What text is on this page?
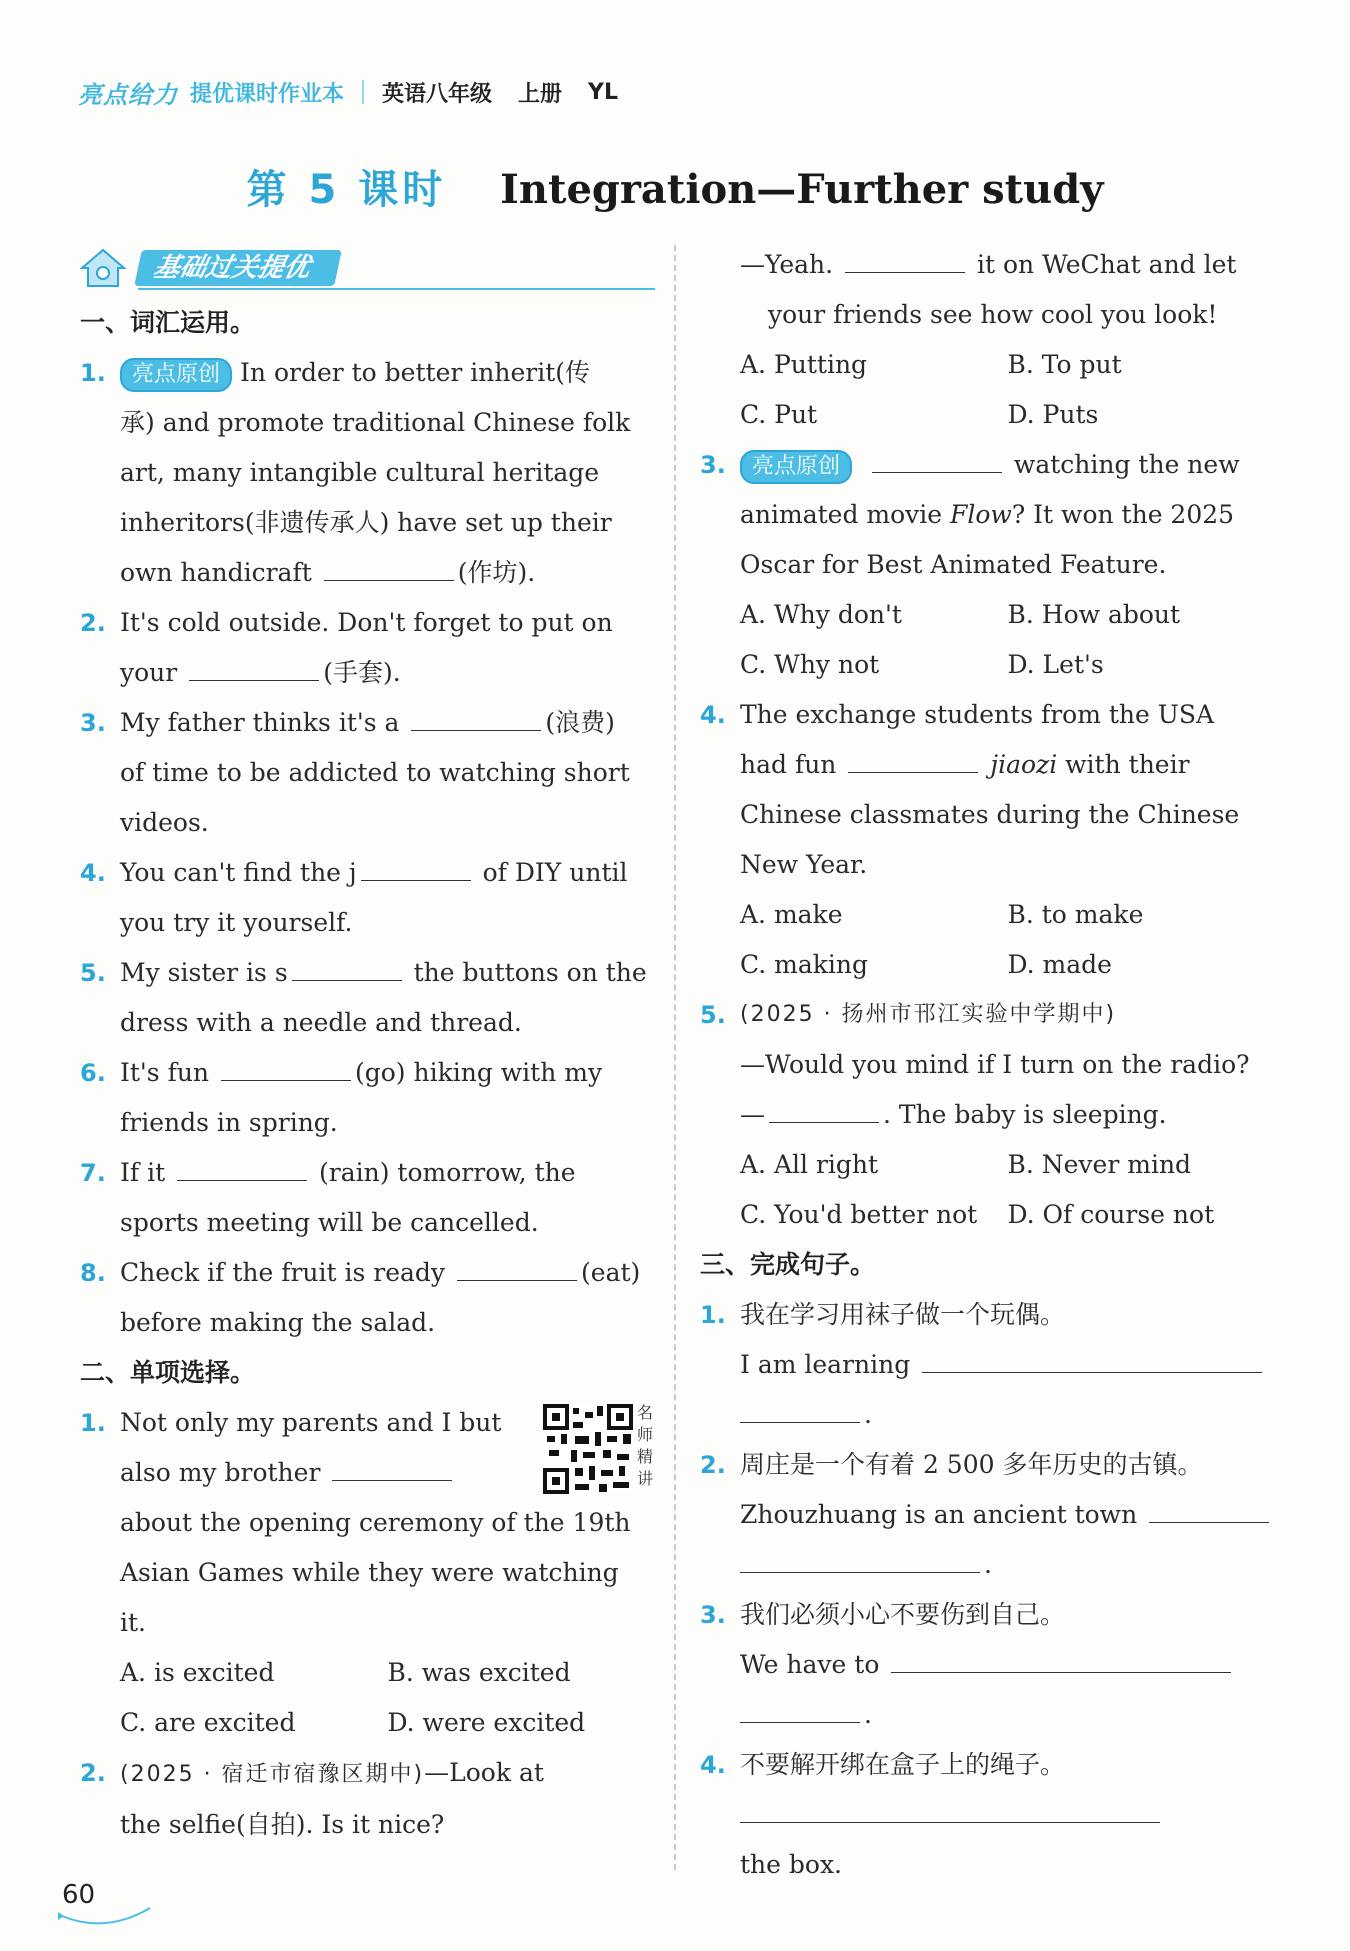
亮点给力 提优课时作业本 英语八年级 上册 YL
第 5 课时 Integration—Further study
基础过关提优
一、词汇运用。
1.	亮点原创 In order to better inherit(传
承) and promote traditional Chinese folk
art, many intangible cultural heritage
inheritors(非遗传承人) have set up their
own handicraft	(作坊).
2. It's cold outside. Don't forget to put on
your	(手套).
3. My father thinks it's a	(浪费)
of time to be addicted to watching short
videos.
4. You can't find the j	of DIY until
you try it yourself.
5. My sister is s	the buttons on the
dress with a needle and thread.
6. It's fun	(go) hiking with my
friends in spring.
7. If it	(rain) tomorrow, the
sports meeting will be cancelled.
8. Check if the fruit is ready	(eat)
before making the salad.
二、单项选择。
1.	名师精讲
Not only my parents and I but
also my brother
about the opening ceremony of the 19th
Asian Games while they were watching
it.
A. is excited	B. was excited
C. are excited	D. were excited
2. (2025 · 宿迁市宿豫区期中)—Look at
the selfie(自拍). Is it nice?
—Yeah.	it on WeChat and let
your friends see how cool you look!
A. Putting	B. To put
C. Put	D. Puts
3.	亮点原创	watching the new
animated movie Flow? It won the 2025
Oscar for Best Animated Feature.
A. Why don't	B. How about
C. Why not	D. Let's
4. The exchange students from the USA
had fun	jiaozi with their
Chinese classmates during the Chinese
New Year.
A. make	B. to make
C. making	D. made
5. (2025 · 扬州市邗江实验中学期中)
—Would you mind if I turn on the radio?
—	. The baby is sleeping.
A. All right	B. Never mind
C. You'd better not	D. Of course not
三、完成句子。
1. 我在学习用袜子做一个玩偶。
I am learning
.
2. 周庄是一个有着 2 500 多年历史的古镇。
Zhouzhuang is an ancient town
.
3. 我们必须小心不要伤到自己。
We have to
.
4. 不要解开绑在盒子上的绳子。
the box.
60
